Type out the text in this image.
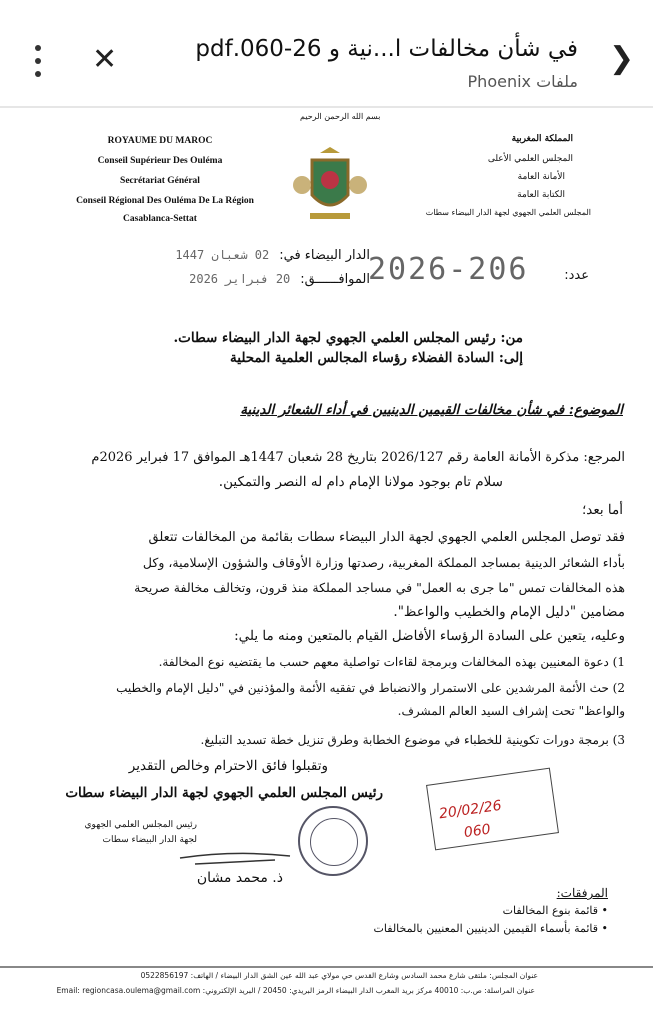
❯
في شأن مخالفات ا...نية و 26-060.pdf
ملفات Phoenix
✕
بسم الله الرحمن الرحيم
ROYAUME DU MAROC
Conseil Supérieur Des Ouléma
Secrétariat Général
Conseil Régional Des Ouléma De La Région
Casablanca-Settat
المملكة المغربية
المجلس العلمي الأعلى
الأمانة العامة
الكتابة العامة
المجلس العلمي الجهوي لجهة الدار البيضاء سطات
الدار البيضاء في:
02 شعبان 1447
الموافــــــق:
20 فبراير 2026	عدد:
2026-206
من: رئيس المجلس العلمي الجهوي لجهة الدار البيضاء سطات.
إلى: السادة الفضلاء رؤساء المجالس العلمية المحلية
الموضوع: في شأن مخالفات القيمين الدينيين في أداء الشعائر الدينية
المرجع: مذكرة الأمانة العامة رقم 2026/127 بتاريخ 28 شعبان 1447هـ الموافق 17 فبراير 2026م
سلام تام بوجود مولانا الإمام دام له النصر والتمكين.
أما بعد؛
فقد توصل المجلس العلمي الجهوي لجهة الدار البيضاء سطات بقائمة من المخالفات تتعلق
بأداء الشعائر الدينية بمساجد المملكة المغربية، رصدتها وزارة الأوقاف والشؤون الإسلامية، وكل
هذه المخالفات تمس "ما جرى به العمل" في مساجد المملكة منذ قرون، وتخالف مخالفة صريحة
مضامين "دليل الإمام والخطيب والواعظ".
وعليه، يتعين على السادة الرؤساء الأفاضل القيام بالمتعين ومنه ما يلي:
1) دعوة المعنيين بهذه المخالفات وبرمجة لقاءات تواصلية معهم حسب ما يقتضيه نوع المخالفة.
2) حث الأئمة المرشدين على الاستمرار والانضباط في تفقيه الأئمة والمؤذنين في "دليل الإمام والخطيب
والواعظ" تحت إشراف السيد العالم المشرف.
3) برمجة دورات تكوينية للخطباء في موضوع الخطابة وطرق تنزيل خطة تسديد التبليغ.
وتقبلوا فائق الاحترام وخالص التقدير
رئيس المجلس العلمي الجهوي لجهة الدار البيضاء سطات
رئيس المجلس العلمي الجهوي
لجهة الدار البيضاء سطات
ذ. محمد مشان
20/02/26
060
المرفقات:
• قائمة بنوع المخالفات
• قائمة بأسماء القيمين الدينيين المعنيين بالمخالفات
عنوان المجلس: ملتقى شارع محمد السادس وشارع القدس حي مولاي عبد الله عين الشق الدار البيضاء / الهاتف: 0522856197
عنوان المراسلة: ص.ب: 40010 مركز بريد المغرب الدار البيضاء الرمز البريدي: 20450 / البريد الإلكتروني: Email: regioncasa.oulema@gmail.com
